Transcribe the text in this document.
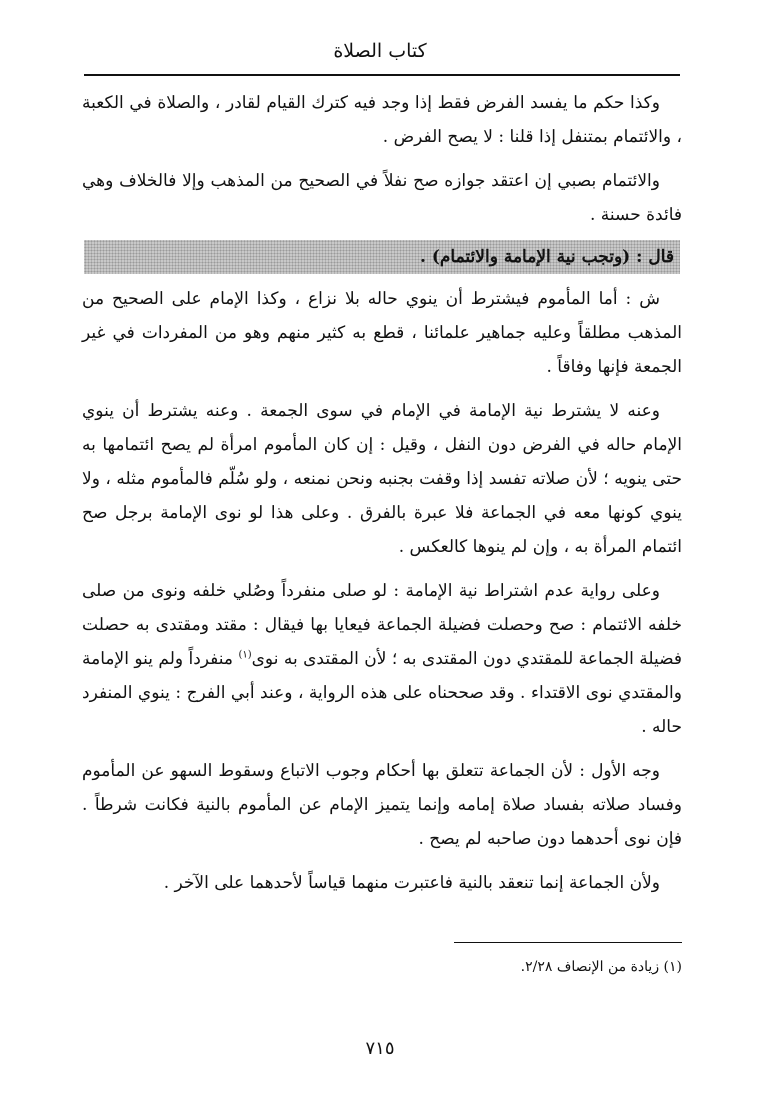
كتاب الصلاة

وكذا حكم ما يفسد الفرض فقط إذا وجد فيه كترك القيام لقادر ، والصلاة في الكعبة ، والائتمام بمتنفل إذا قلنا : لا يصح الفرض .

والائتمام بصبي إن اعتقد جوازه صح نفلاً في الصحيح من المذهب وإلا فالخلاف وهي فائدة حسنة .

قال : (وتجب نية الإمامة والائتمام) .

ش : أما المأموم فيشترط أن ينوي حاله بلا نزاع ، وكذا الإمام على الصحيح من المذهب مطلقاً وعليه جماهير علمائنا ، قطع به كثير منهم وهو من المفردات في غير الجمعة فإنها وفاقاً .

وعنه لا يشترط نية الإمامة في الإمام في سوى الجمعة . وعنه يشترط أن ينوي الإمام حاله في الفرض دون النفل ، وقيل : إن كان المأموم امرأة لم يصح ائتمامها به حتى ينويه ؛ لأن صلاته تفسد إذا وقفت بجنبه ونحن نمنعه ، ولو سُلّم فالمأموم مثله ، ولا ينوي كونها معه في الجماعة فلا عبرة بالفرق . وعلى هذا لو نوى الإمامة برجل صح ائتمام المرأة به ، وإن لم ينوها كالعكس .

وعلى رواية عدم اشتراط نية الإمامة : لو صلى منفرداً وصُلي خلفه ونوى من صلى خلفه الائتمام : صح وحصلت فضيلة الجماعة فيعايا بها فيقال : مقتد ومقتدى به حصلت فضيلة الجماعة للمقتدي دون المقتدى به ؛ لأن المقتدى به نوى$^{(١)}$ منفرداً ولم ينو الإمامة والمقتدي نوى الاقتداء . وقد صححناه على هذه الرواية ، وعند أبي الفرج : ينوي المنفرد حاله .

وجه الأول : لأن الجماعة تتعلق بها أحكام وجوب الاتباع وسقوط السهو عن المأموم وفساد صلاته بفساد صلاة إمامه وإنما يتميز الإمام عن المأموم بالنية فكانت شرطاً . فإن نوى أحدهما دون صاحبه لم يصح .

ولأن الجماعة إنما تنعقد بالنية فاعتبرت منهما قياساً لأحدهما على الآخر .

(١) زيادة من الإنصاف ٢/٢٨.
٧١٥
